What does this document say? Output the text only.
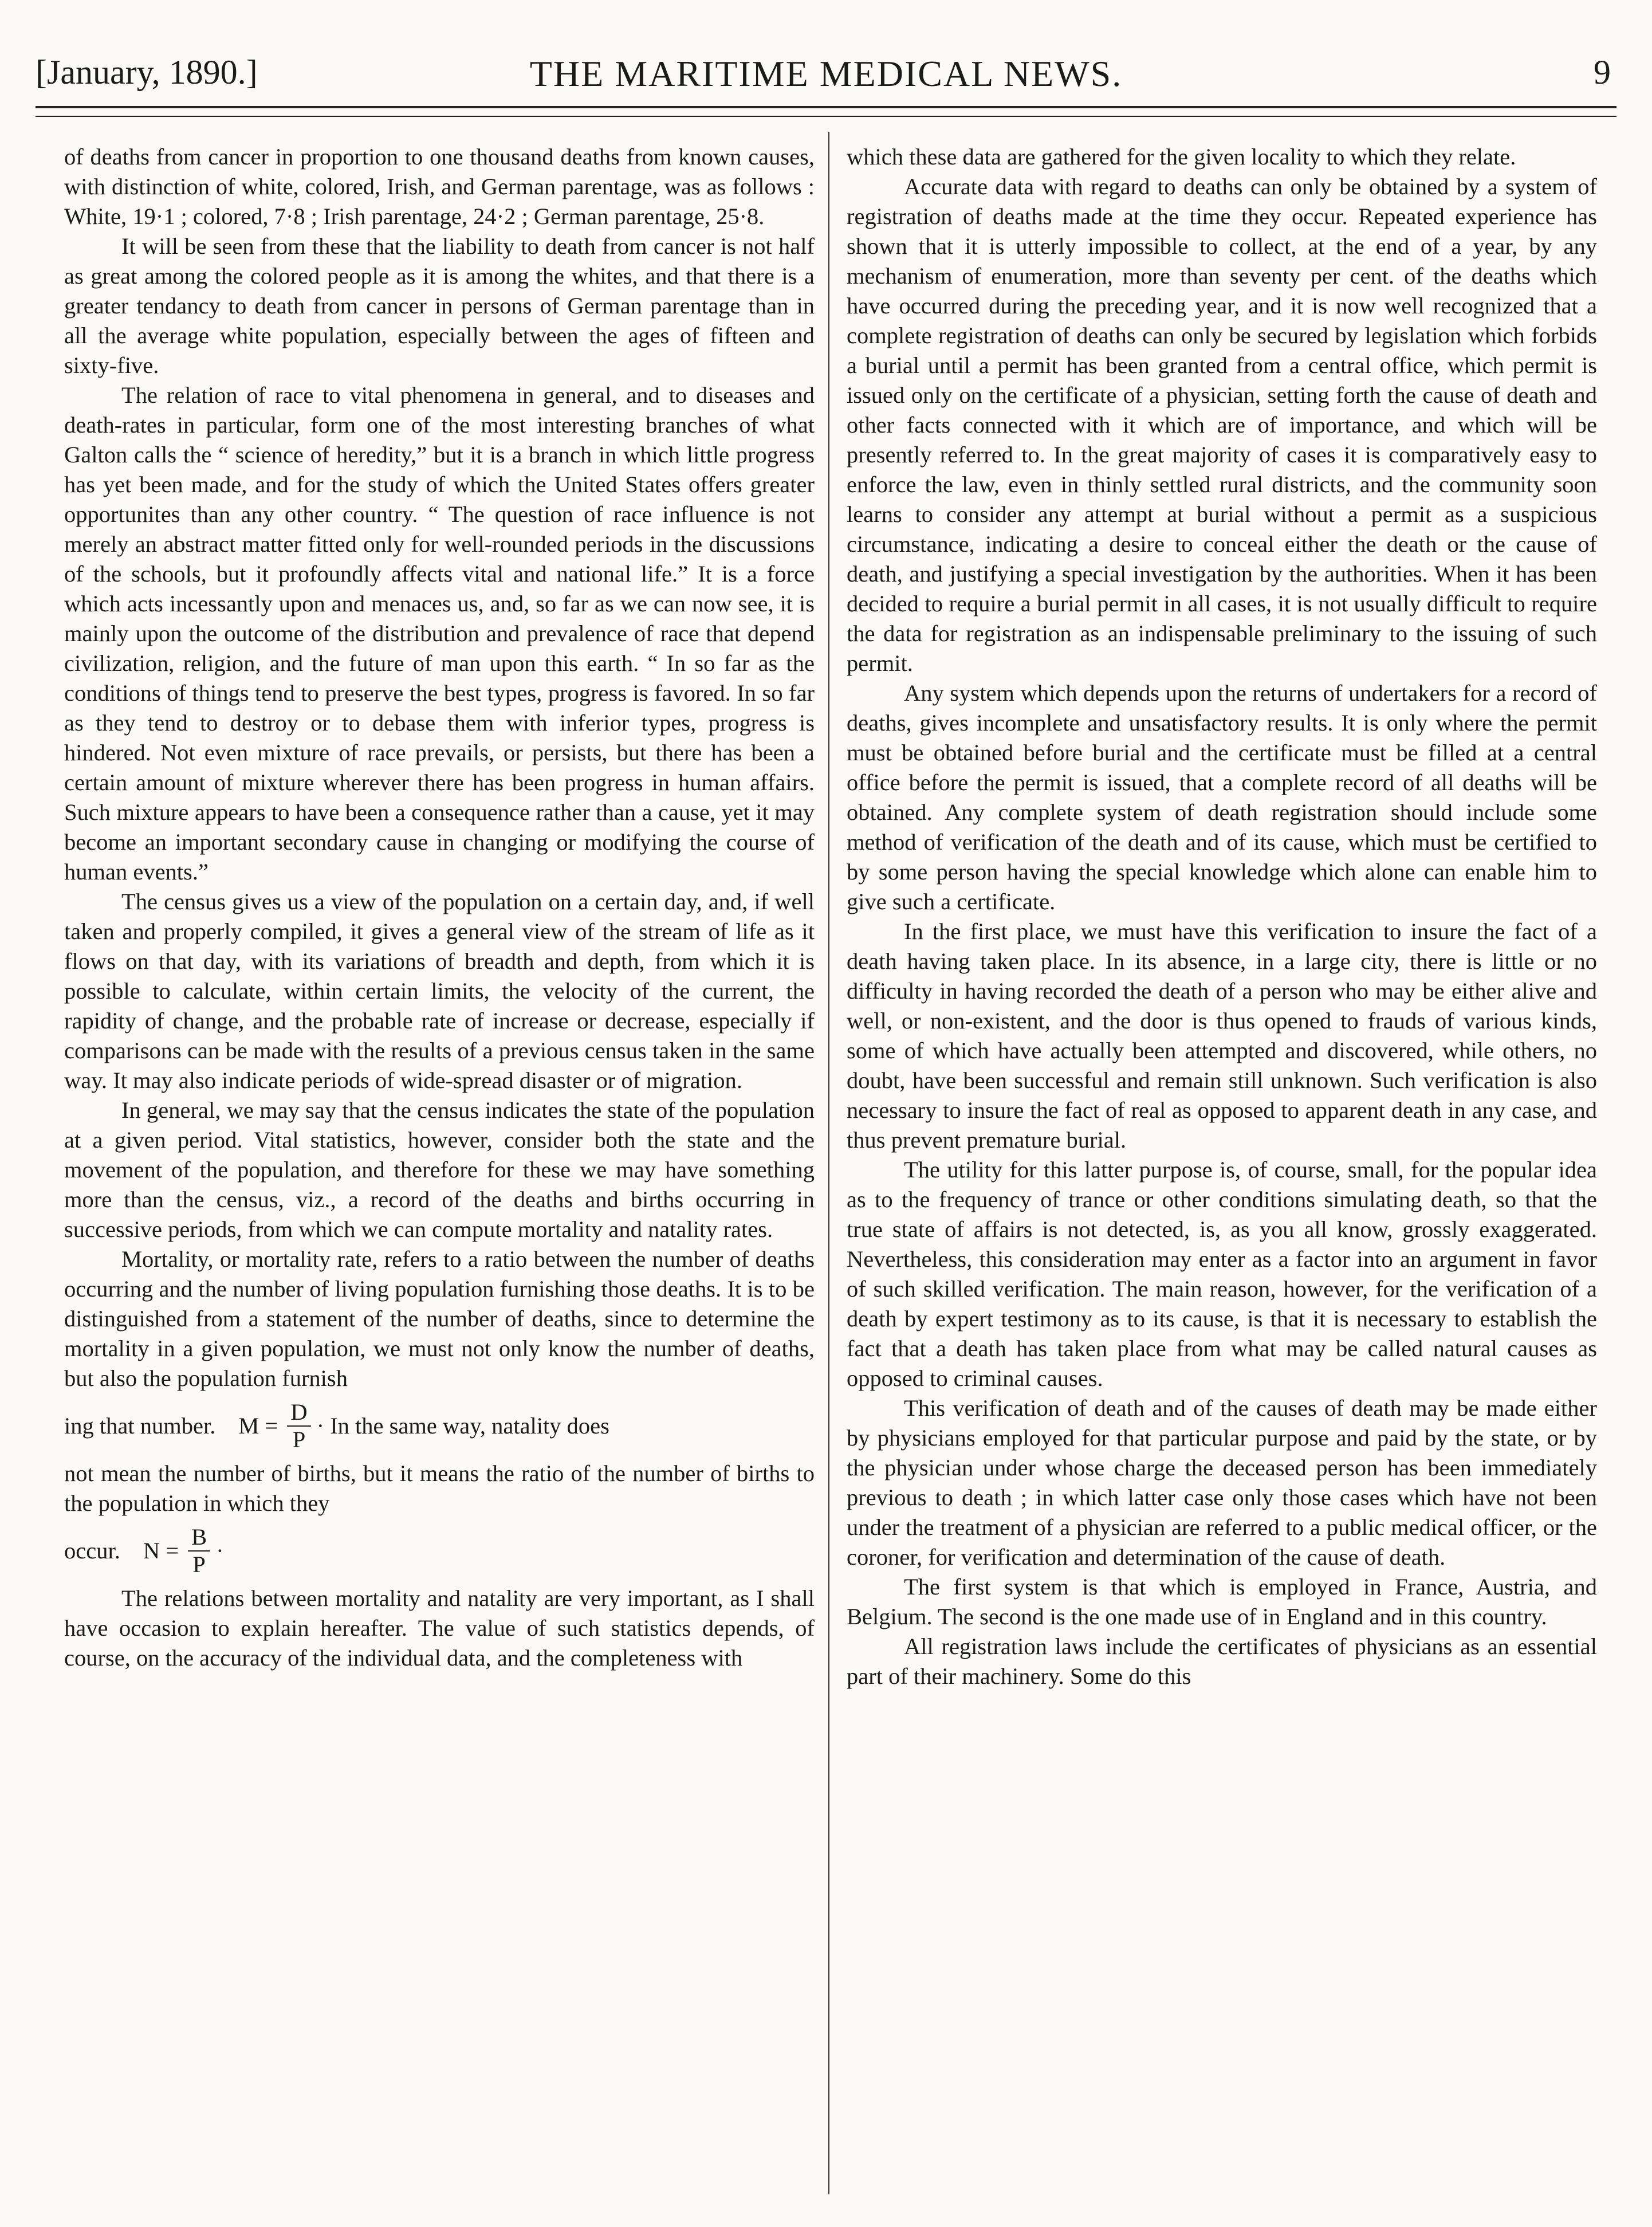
[January, 1890.]	THE MARITIME MEDICAL NEWS.	9

of deaths from cancer in proportion to one thousand deaths from known causes, with distinction of white, colored, Irish, and German parentage, was as follows : White, 19·1 ; colored, 7·8 ; Irish parentage, 24·2 ; German parentage, 25·8.

It will be seen from these that the liability to death from cancer is not half as great among the colored people as it is among the whites, and that there is a greater tendancy to death from cancer in persons of German parentage than in all the average white population, especially between the ages of fifteen and sixty-five.

The relation of race to vital phenomena in general, and to diseases and death-rates in particular, form one of the most interesting branches of what Galton calls the “ science of heredity,” but it is a branch in which little progress has yet been made, and for the study of which the United States offers greater opportunites than any other country. “ The question of race influence is not merely an abstract matter fitted only for well-rounded periods in the discussions of the schools, but it profoundly affects vital and national life.” It is a force which acts incessantly upon and menaces us, and, so far as we can now see, it is mainly upon the outcome of the distribution and prevalence of race that depend civilization, religion, and the future of man upon this earth. “ In so far as the conditions of things tend to preserve the best types, progress is favored. In so far as they tend to destroy or to debase them with inferior types, progress is hindered. Not even mixture of race prevails, or persists, but there has been a certain amount of mixture wherever there has been progress in human affairs. Such mixture appears to have been a consequence rather than a cause, yet it may become an important secondary cause in changing or modifying the course of human events.”

The census gives us a view of the population on a certain day, and, if well taken and properly compiled, it gives a general view of the stream of life as it flows on that day, with its variations of breadth and depth, from which it is possible to calculate, within certain limits, the velocity of the current, the rapidity of change, and the probable rate of increase or decrease, especially if comparisons can be made with the results of a previous census taken in the same way. It may also indicate periods of wide-spread disaster or of migration.

In general, we may say that the census indicates the state of the population at a given period. Vital statistics, however, consider both the state and the movement of the population, and therefore for these we may have something more than the census, viz., a record of the deaths and births occurring in successive periods, from which we can compute mortality and natality rates.

Mortality, or mortality rate, refers to a ratio between the number of deaths occurring and the number of living population furnishing those deaths. It is to be distinguished from a statement of the number of deaths, since to determine the mortality in a given population, we must not only know the number of deaths, but also the population furnish

ing that number. $M = \frac{D}{P} \cdot In$ the same way, natality does

not mean the number of births, but it means the ratio of the number of births to the population in which they

occur. $N = \frac{B}{P}$ ·

The relations between mortality and natality are very important, as I shall have occasion to explain hereafter. The value of such statistics depends, of course, on the accuracy of the individual data, and the completeness with

which these data are gathered for the given locality to which they relate.

Accurate data with regard to deaths can only be obtained by a system of registration of deaths made at the time they occur. Repeated experience has shown that it is utterly impossible to collect, at the end of a year, by any mechanism of enumeration, more than seventy per cent. of the deaths which have occurred during the preceding year, and it is now well recognized that a complete registration of deaths can only be secured by legislation which forbids a burial until a permit has been granted from a central office, which permit is issued only on the certificate of a physician, setting forth the cause of death and other facts connected with it which are of importance, and which will be presently referred to. In the great majority of cases it is comparatively easy to enforce the law, even in thinly settled rural districts, and the community soon learns to consider any attempt at burial without a permit as a suspicious circumstance, indicating a desire to conceal either the death or the cause of death, and justifying a special investigation by the authorities. When it has been decided to require a burial permit in all cases, it is not usually difficult to require the data for registration as an indispensable preliminary to the issuing of such permit.

Any system which depends upon the returns of undertakers for a record of deaths, gives incomplete and unsatisfactory results. It is only where the permit must be obtained before burial and the certificate must be filled at a central office before the permit is issued, that a complete record of all deaths will be obtained. Any complete system of death registration should include some method of verification of the death and of its cause, which must be certified to by some person having the special knowledge which alone can enable him to give such a certificate.

In the first place, we must have this verification to insure the fact of a death having taken place. In its absence, in a large city, there is little or no difficulty in having recorded the death of a person who may be either alive and well, or non-existent, and the door is thus opened to frauds of various kinds, some of which have actually been attempted and discovered, while others, no doubt, have been successful and remain still unknown. Such verification is also necessary to insure the fact of real as opposed to apparent death in any case, and thus prevent premature burial.

The utility for this latter purpose is, of course, small, for the popular idea as to the frequency of trance or other conditions simulating death, so that the true state of affairs is not detected, is, as you all know, grossly exaggerated. Nevertheless, this consideration may enter as a factor into an argument in favor of such skilled verification. The main reason, however, for the verification of a death by expert testimony as to its cause, is that it is necessary to establish the fact that a death has taken place from what may be called natural causes as opposed to criminal causes.

This verification of death and of the causes of death may be made either by physicians employed for that particular purpose and paid by the state, or by the physician under whose charge the deceased person has been immediately previous to death ; in which latter case only those cases which have not been under the treatment of a physician are referred to a public medical officer, or the coroner, for verification and determination of the cause of death.

The first system is that which is employed in France, Austria, and Belgium. The second is the one made use of in England and in this country.

All registration laws include the certificates of physicians as an essential part of their machinery. Some do this
